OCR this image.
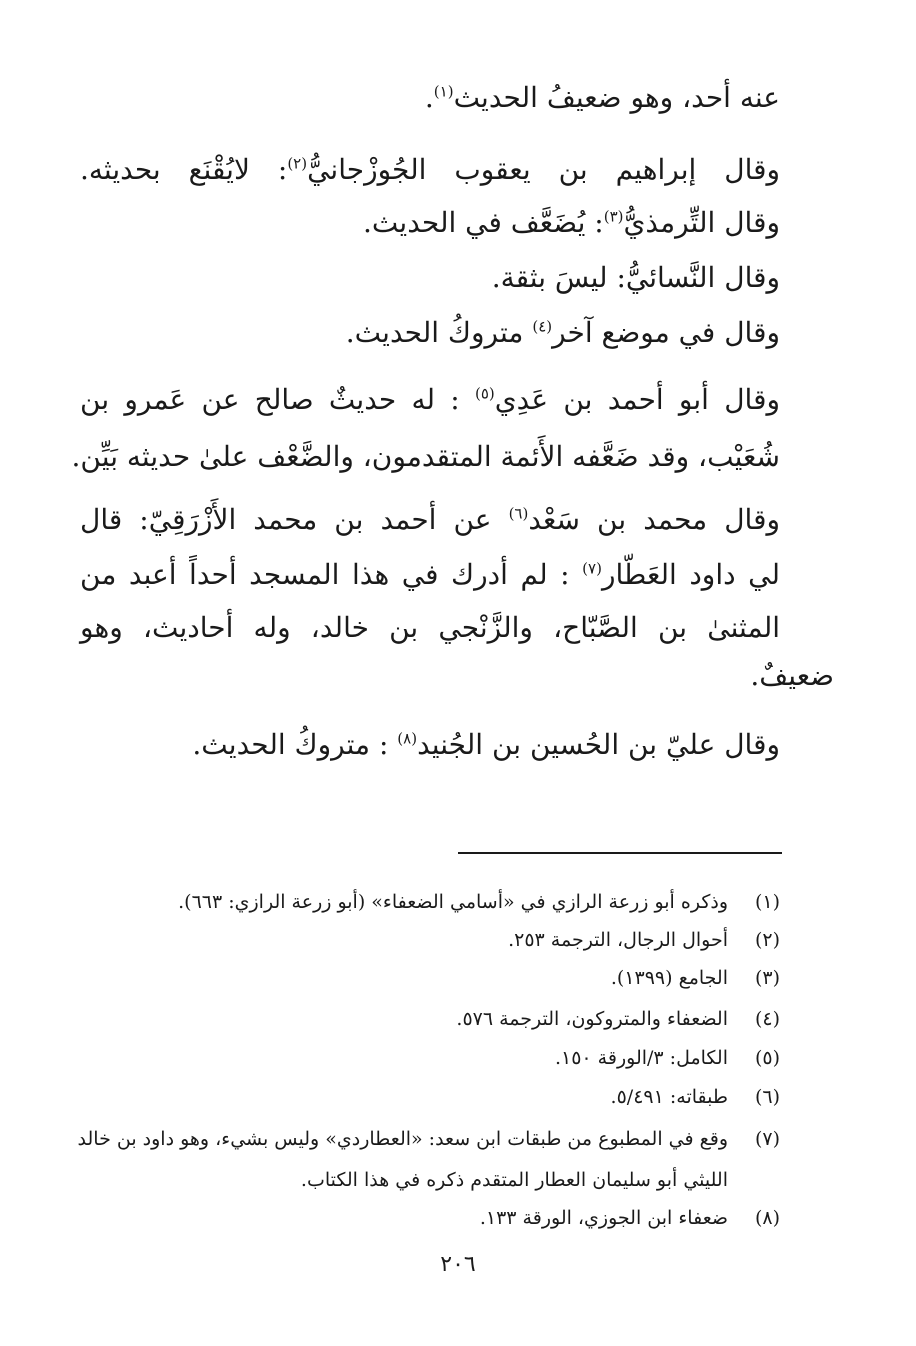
عنه أحد، وهو ضعيفُ الحديث$^{(١)}$.
وقال إبراهيم بن يعقوب الجُوزْجانيُّ$^{(٢)}$: لايُقْنَع بحديثه.
وقال التِّرمذيُّ$^{(٣)}$: يُضَعَّف في الحديث.
وقال النَّسائيُّ: ليسَ بثقة.
وقال في موضع آخر$^{(٤)}$ متروكُ الحديث.
وقال أبو أحمد بن عَدِي$^{(٥)}$ : له حديثٌ صالح عن عَمرو بن
شُعَيْب، وقد ضَعَّفه الأَئمة المتقدمون، والضَّعْف علىٰ حديثه بَيِّن.
وقال محمد بن سَعْد$^{(٦)}$ عن أحمد بن محمد الأَزْرَقِيّ: قال
لي داود العَطّار$^{(٧)}$ : لم أدرك في هذا المسجد أحداً أعبد من
المثنىٰ بن الصَّبّاح، والزَّنْجي بن خالد، وله أحاديث، وهو
ضعيفٌ.
وقال عليّ بن الحُسين بن الجُنيد$^{(٨)}$ : متروكُ الحديث.
(١)وذكره أبو زرعة الرازي في «أسامي الضعفاء» (أبو زرعة الرازي: ٦٦٣).
(٢)أحوال الرجال، الترجمة ٢٥٣.
(٣)الجامع (١٣٩٩).
(٤)الضعفاء والمتروكون، الترجمة ٥٧٦.
(٥)الكامل: ٣/الورقة ١٥٠.
(٦)طبقاته: ٥/٤٩١.
(٧)وقع في المطبوع من طبقات ابن سعد: «العطاردي» وليس بشيء، وهو داود بن خالد
الليثي أبو سليمان العطار المتقدم ذكره في هذا الكتاب.
(٨)ضعفاء ابن الجوزي، الورقة ١٣٣.
٢٠٦
